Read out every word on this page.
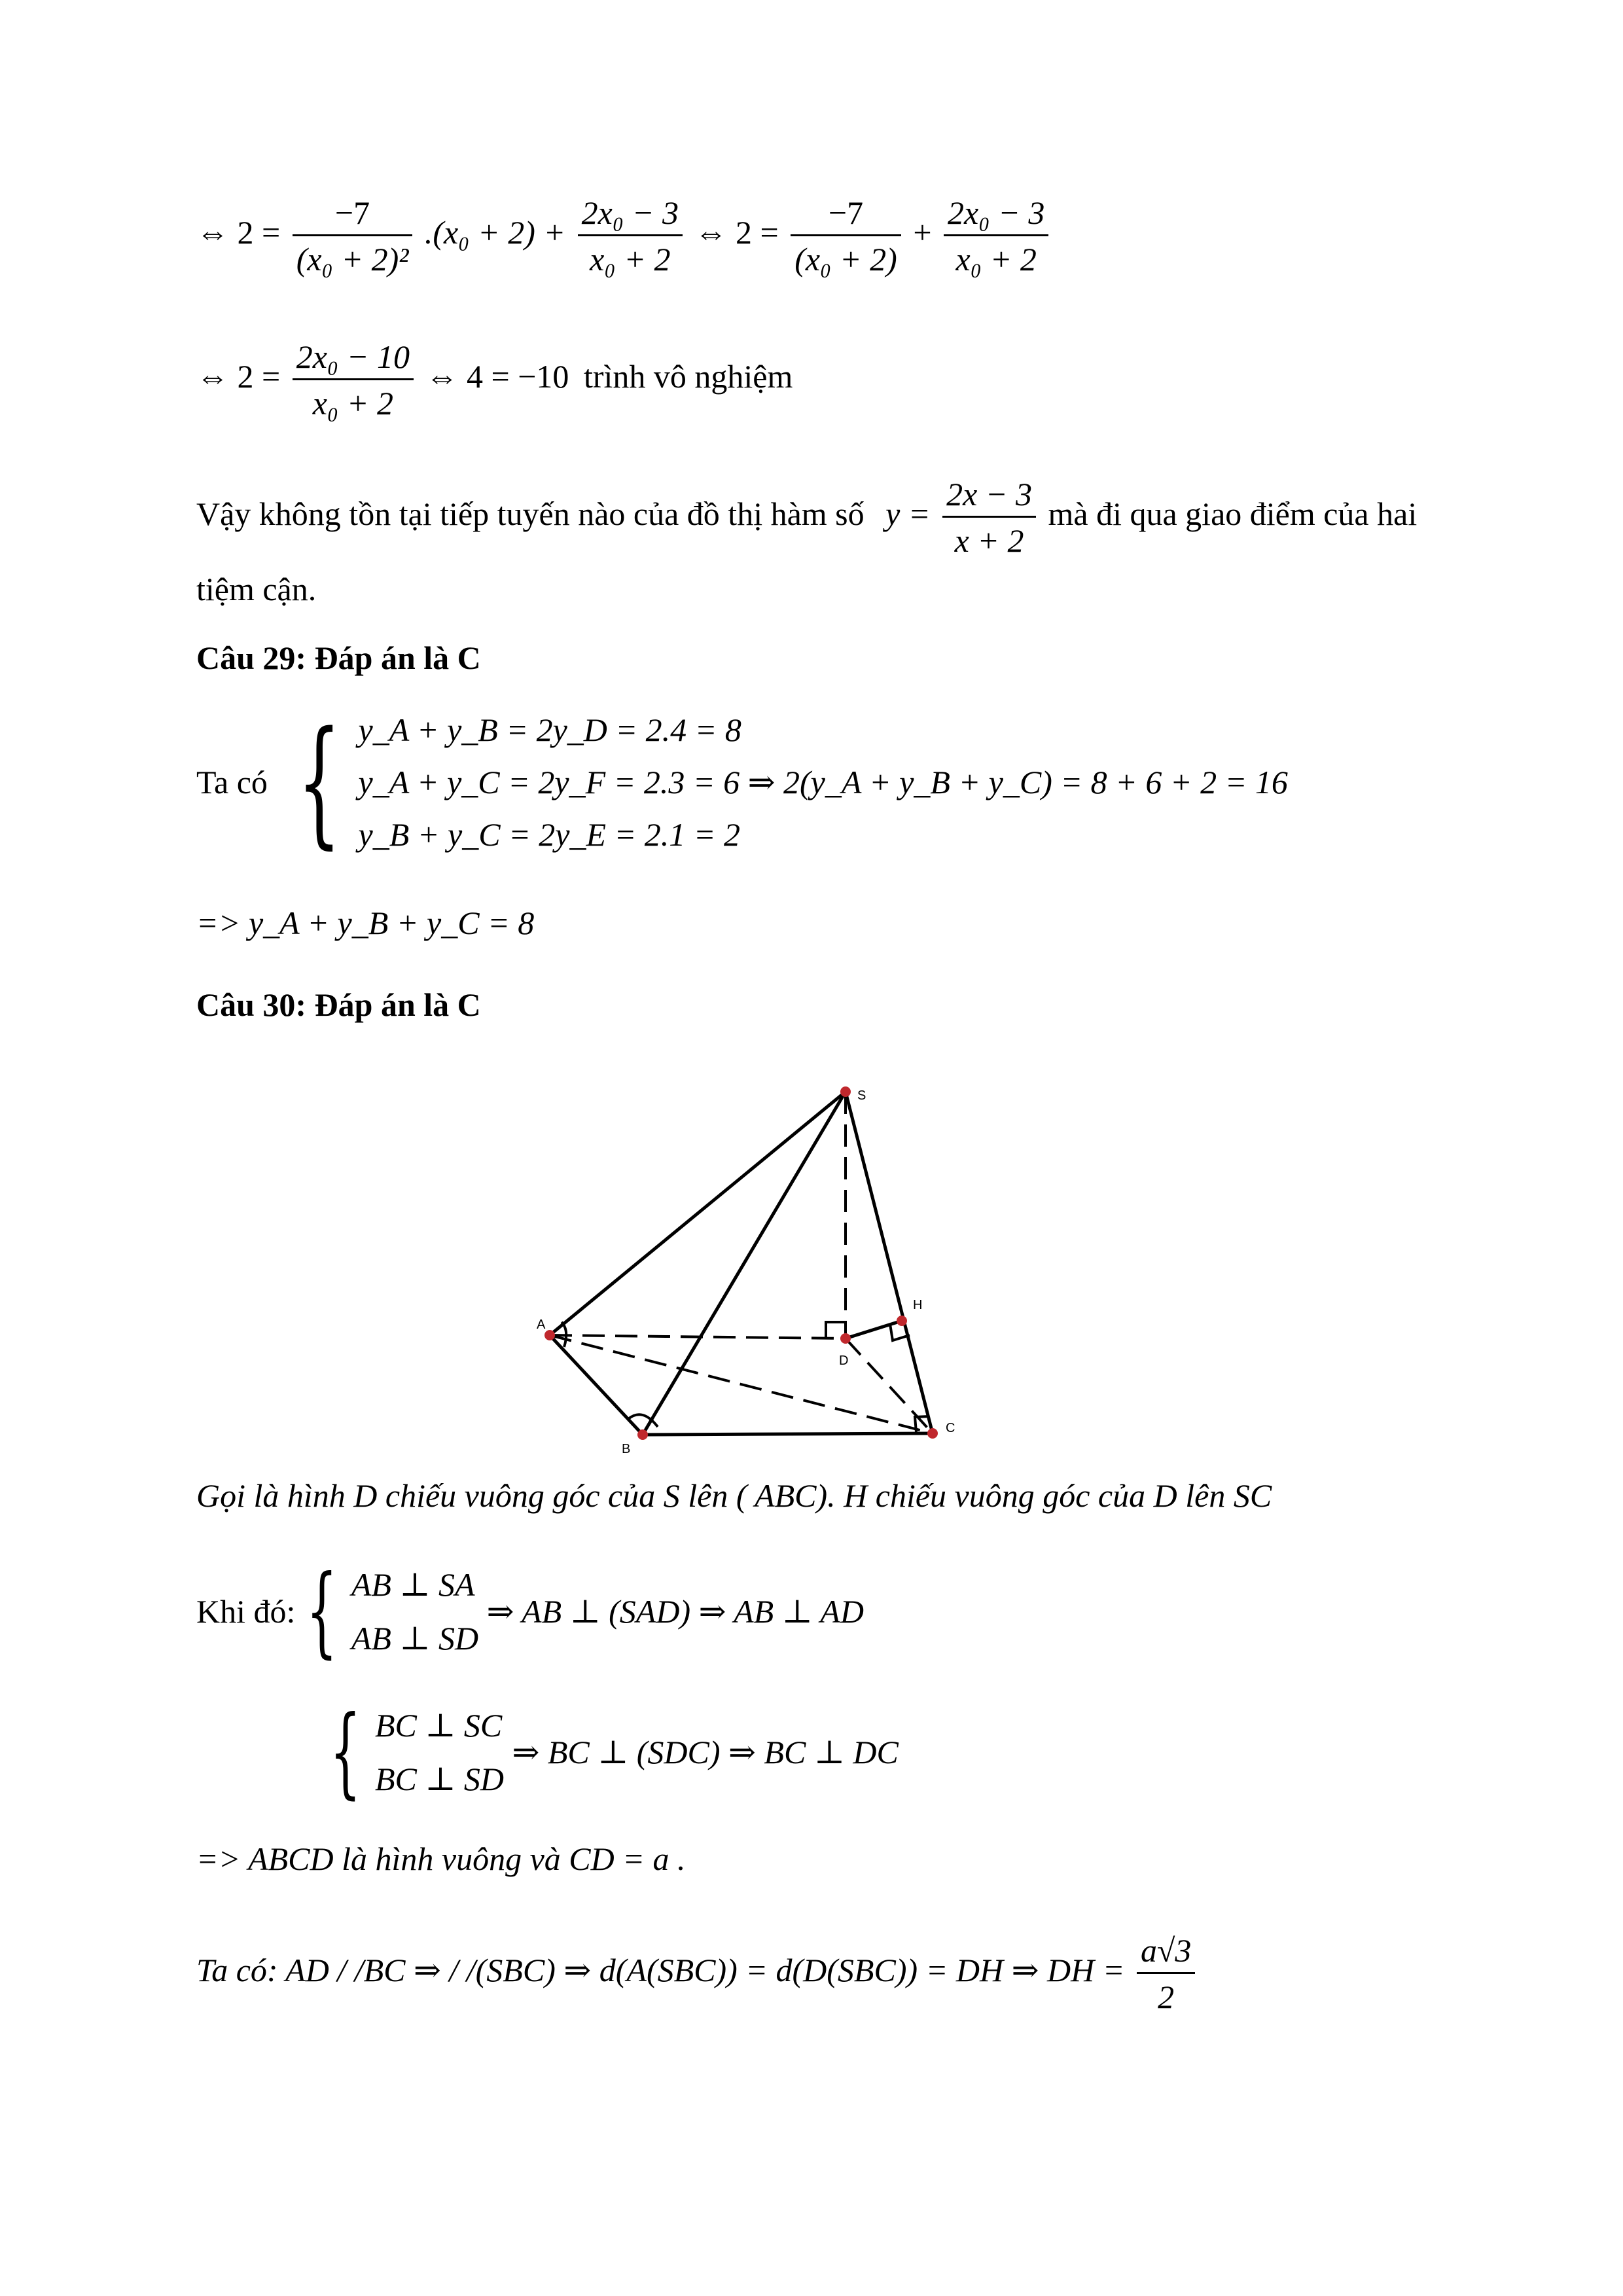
⇔ $2 = \frac{-7}{\text{(x₀ + 2)²}} .(x_0 + 2) + \frac{\text{2x₀ − 3}}{\text{x₀ + 2}}$ ⇔ $2 = \frac{-7}{\text{(x₀ + 2)}} + \frac{\text{2x₀ − 3}}{\text{x₀ + 2}}$
⇔ $2 = \frac{\text{2x₀ − 10}}{\text{x₀ + 2}}$ ⇔ 4 = −10 trình vô nghiệm
Vậy không tồn tại tiếp tuyến nào của đồ thị hàm số $y = \frac{2x - 3}{x + 2}$ mà đi qua giao điểm của hai
tiệm cận.
Câu 29: Đáp án là C
Ta có { y_A + y_B = 2y_D = 2.4 = 8
y_A + y_C = 2y_F = 2.3 = 6 ⇒ 2(y_A + y_B + y_C) = 8 + 6 + 2 = 16
y_B + y_C = 2y_E = 2.1 = 2
=> y_A + y_B + y_C = 8
Câu 30: Đáp án là C
S
A
B
C
D
H
Gọi là hình D chiếu vuông góc của S lên ( ABC). H chiếu vuông góc của D lên SC
Khi đó: { AB ⊥ SA
AB ⊥ SD
⇒ AB ⊥ (SAD) ⇒ AB ⊥ AD
{ BC ⊥ SC
BC ⊥ SD
⇒ BC ⊥ (SDC) ⇒ BC ⊥ DC
=> ABCD là hình vuông và CD = a .
Ta có: AD / /BC ⇒ / /(SBC) ⇒ d(A(SBC)) = d(D(SBC)) = DH ⇒ DH = $\frac{a√3}{2}$
